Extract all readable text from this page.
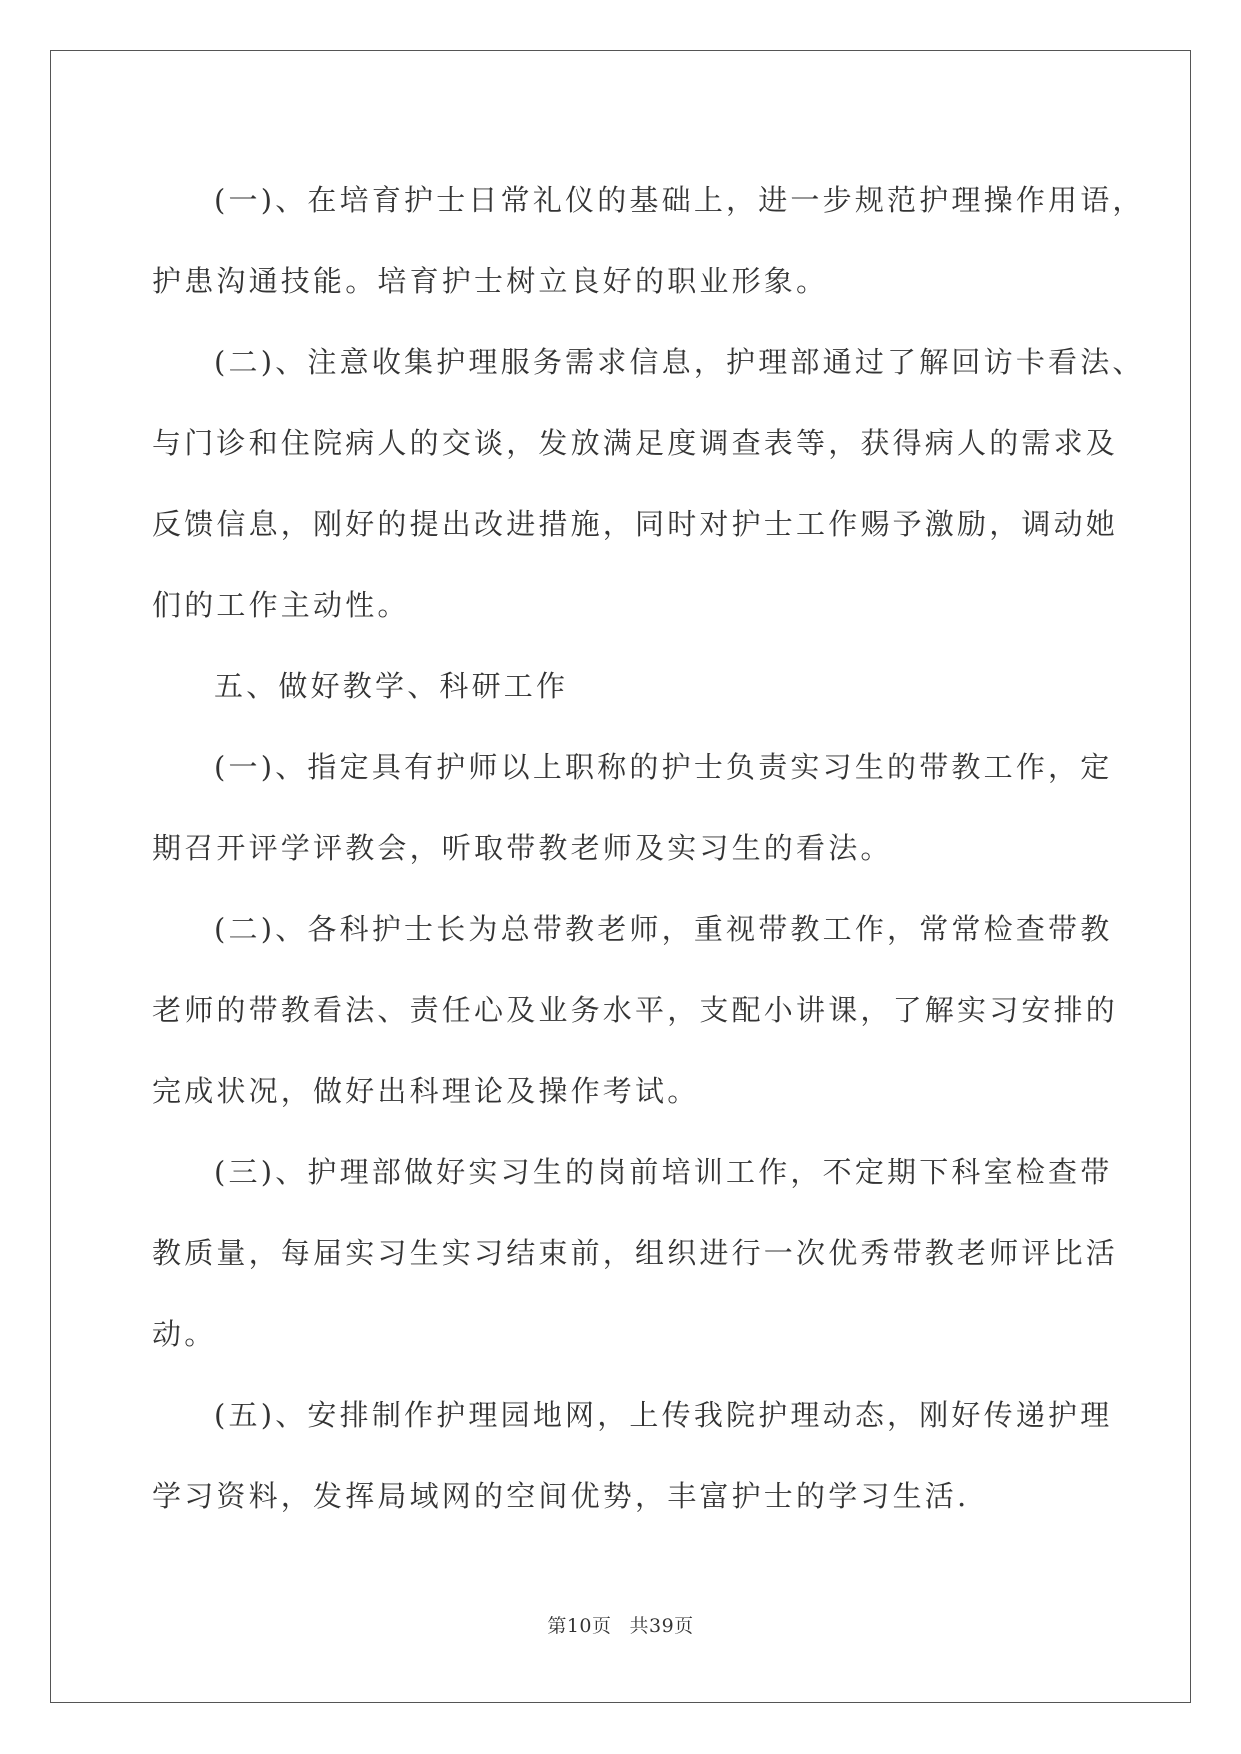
(一)、在培育护士日常礼仪的基础上，进一步规范护理操作用语，

护患沟通技能。培育护士树立良好的职业形象。

(二)、注意收集护理服务需求信息，护理部通过了解回访卡看法、

与门诊和住院病人的交谈，发放满足度调查表等，获得病人的需求及

反馈信息，刚好的提出改进措施，同时对护士工作赐予激励，调动她

们的工作主动性。

五、做好教学、科研工作

(一)、指定具有护师以上职称的护士负责实习生的带教工作，定

期召开评学评教会，听取带教老师及实习生的看法。

(二)、各科护士长为总带教老师，重视带教工作，常常检查带教

老师的带教看法、责任心及业务水平，支配小讲课，了解实习安排的

完成状况，做好出科理论及操作考试。

(三)、护理部做好实习生的岗前培训工作，不定期下科室检查带

教质量，每届实习生实习结束前，组织进行一次优秀带教老师评比活

动。

(五)、安排制作护理园地网，上传我院护理动态，刚好传递护理

学习资料，发挥局域网的空间优势，丰富护士的学习生活.

第10页 共39页
